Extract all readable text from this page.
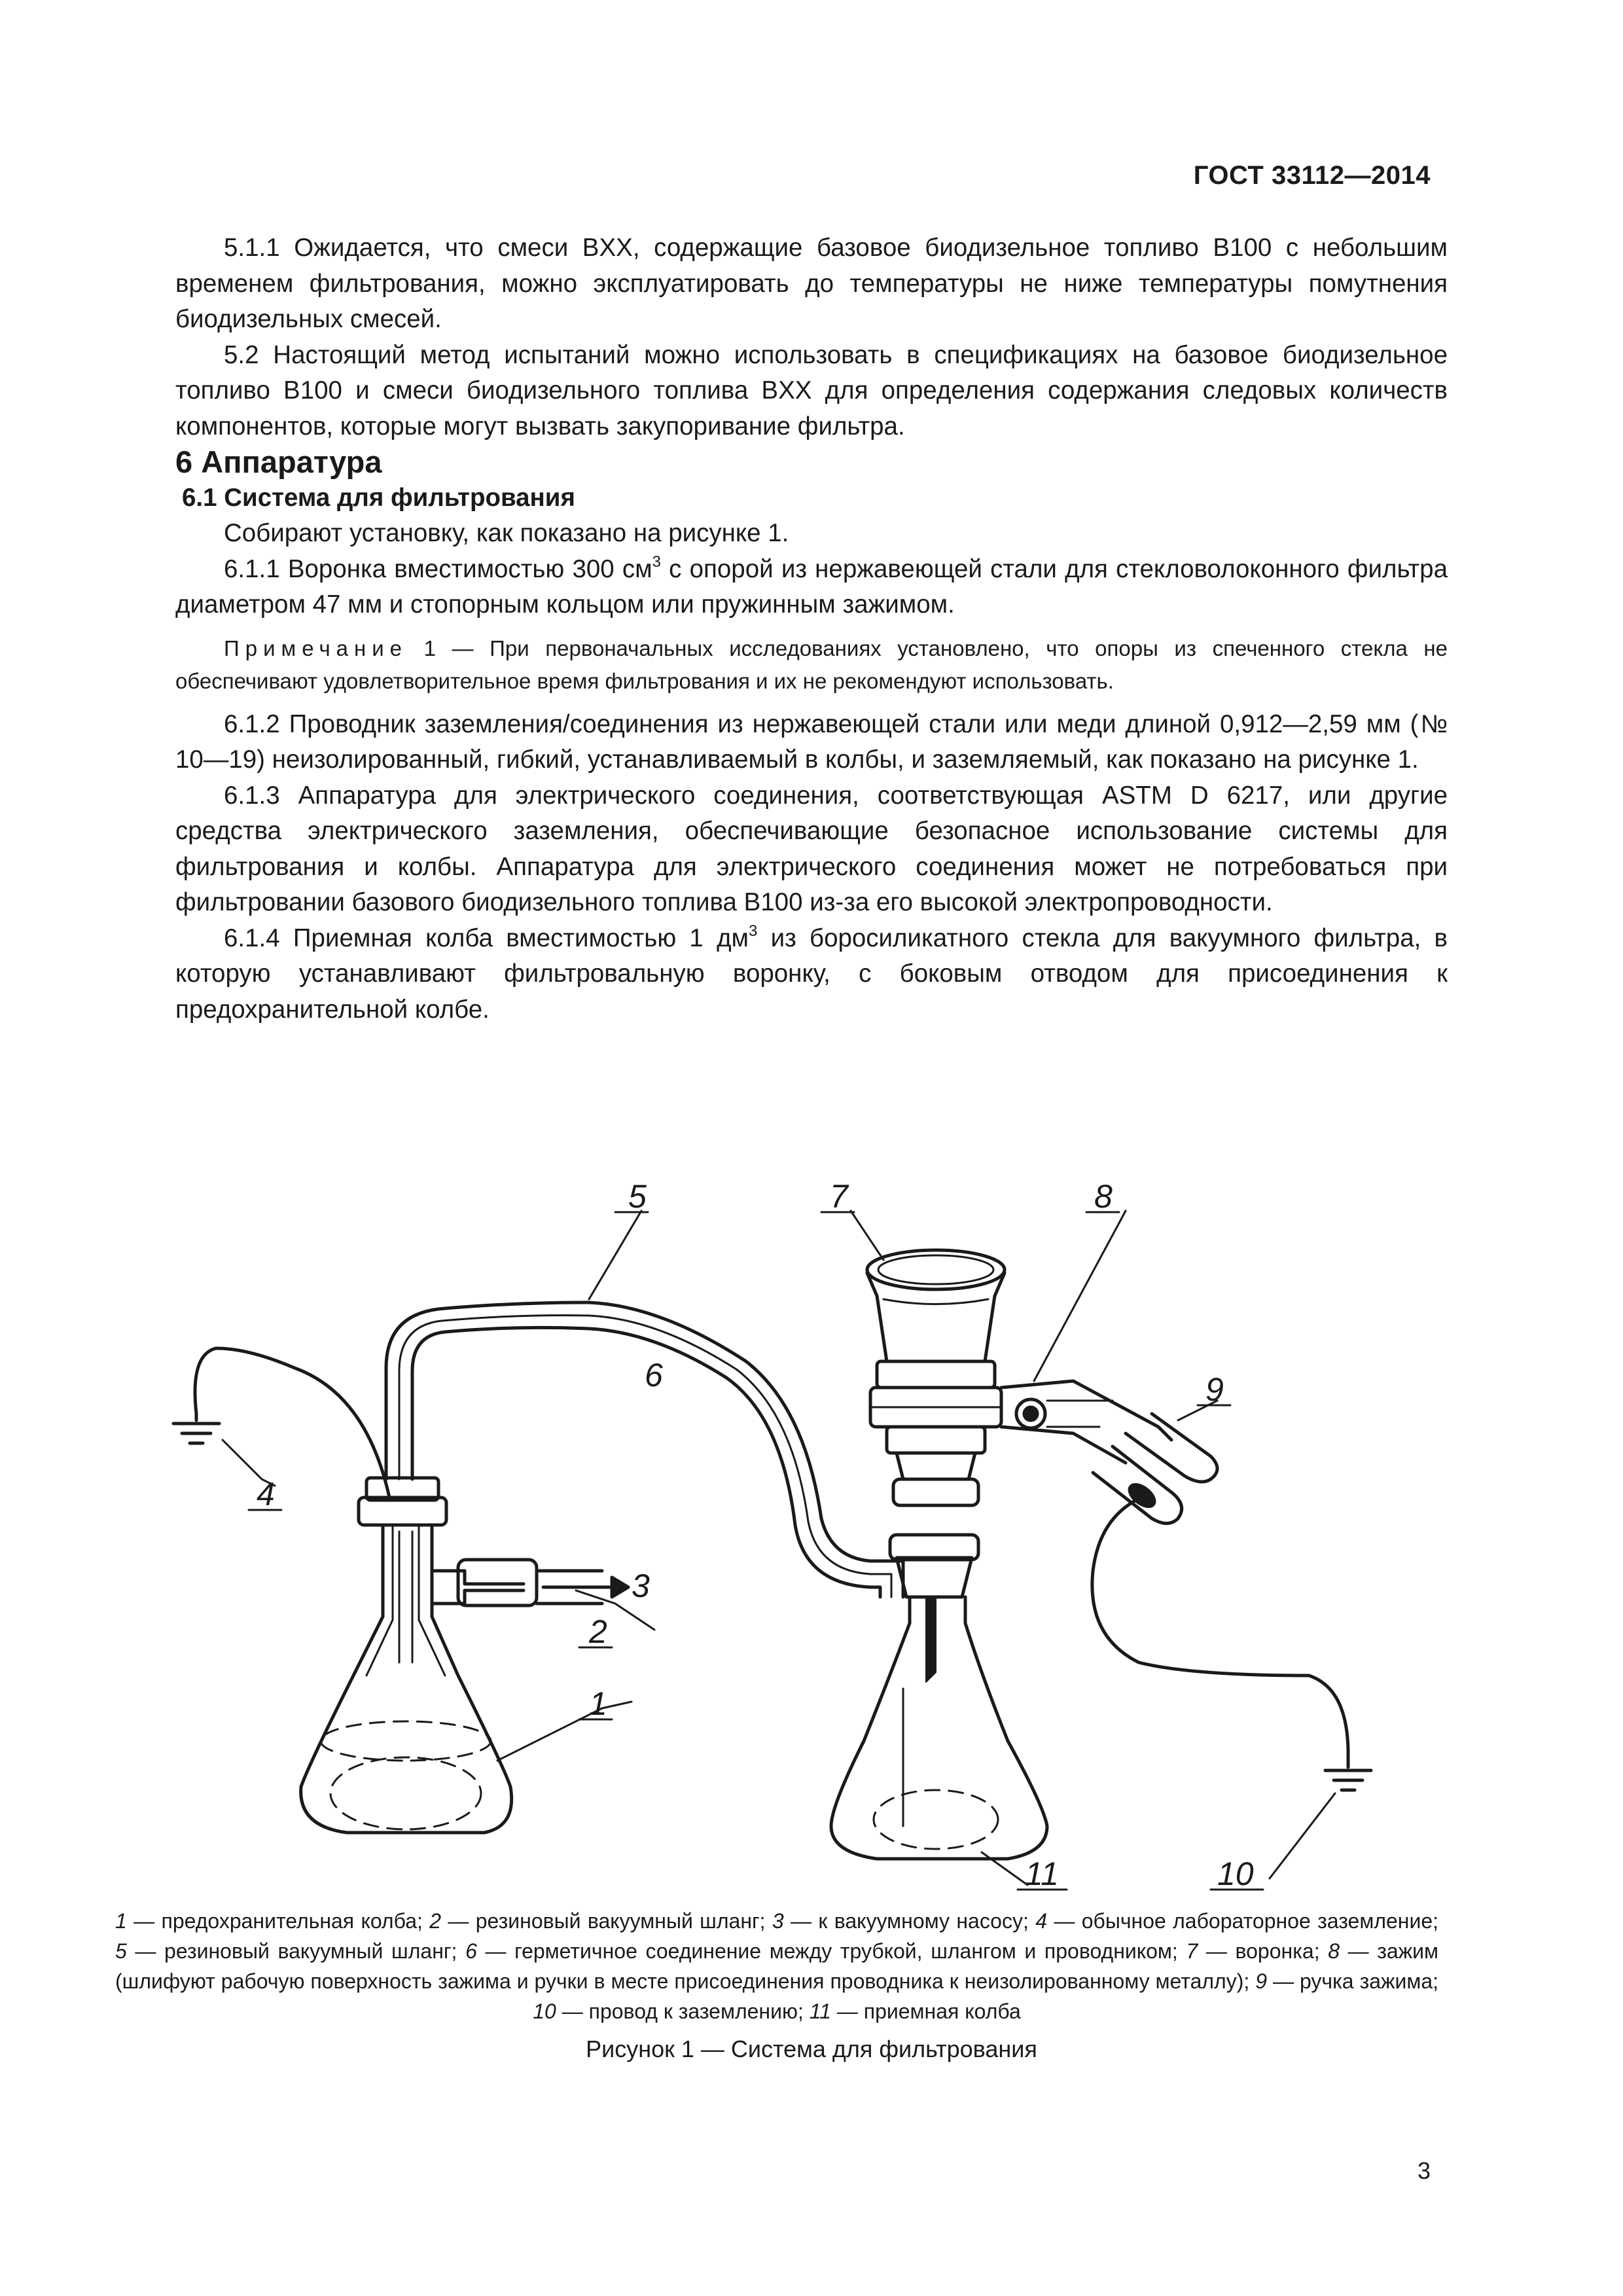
ГОСТ 33112—2014

5.1.1 Ожидается, что смеси BXX, содержащие базовое биодизельное топливо B100 с небольшим временем фильтрования, можно эксплуатировать до температуры не ниже температуры помутнения биодизельных смесей.

5.2 Настоящий метод испытаний можно использовать в спецификациях на базовое биодизельное топливо B100 и смеси биодизельного топлива BXX для определения содержания следовых количеств компонентов, которые могут вызвать закупоривание фильтра.

6 Аппаратура

6.1 Система для фильтрования

Собирают установку, как показано на рисунке 1.

6.1.1 Воронка вместимостью 300 $см^3$ с опорой из нержавеющей стали для стекловолоконного фильтра диаметром 47 мм и стопорным кольцом или пружинным зажимом.

Примечание 1 — При первоначальных исследованиях установлено, что опоры из спеченного стекла не обеспечивают удовлетворительное время фильтрования и их не рекомендуют использовать.

6.1.2 Проводник заземления/соединения из нержавеющей стали или меди длиной 0,912—2,59 мм (№ 10—19) неизолированный, гибкий, устанавливаемый в колбы, и заземляемый, как показано на рисунке 1.

6.1.3 Аппаратура для электрического соединения, соответствующая ASTM D 6217, или другие средства электрического заземления, обеспечивающие безопасное использование системы для фильтрования и колбы. Аппаратура для электрического соединения может не потребоваться при фильтровании базового биодизельного топлива B100 из-за его высокой электропроводности.

6.1.4 Приемная колба вместимостью 1 $дм^3$ из боросиликатного стекла для вакуумного фильтра, в которую устанавливают фильтровальную воронку, с боковым отводом для присоединения к предохранительной колбе.

1
2
3
4
5
6
7	8
9
10
11
1 — предохранительная колба; 2 — резиновый вакуумный шланг; 3 — к вакуумному насосу; 4 — обычное лабораторное заземление; 5 — резиновый вакуумный шланг; 6 — герметичное соединение между трубкой, шлангом и проводником; 7 — воронка; 8 — зажим (шлифуют рабочую поверхность зажима и ручки в месте присоединения проводника к неизолированному металлу); 9 — ручка зажима; 10 — провод к заземлению; 11 — приемная колба
Рисунок 1 — Система для фильтрования
3
